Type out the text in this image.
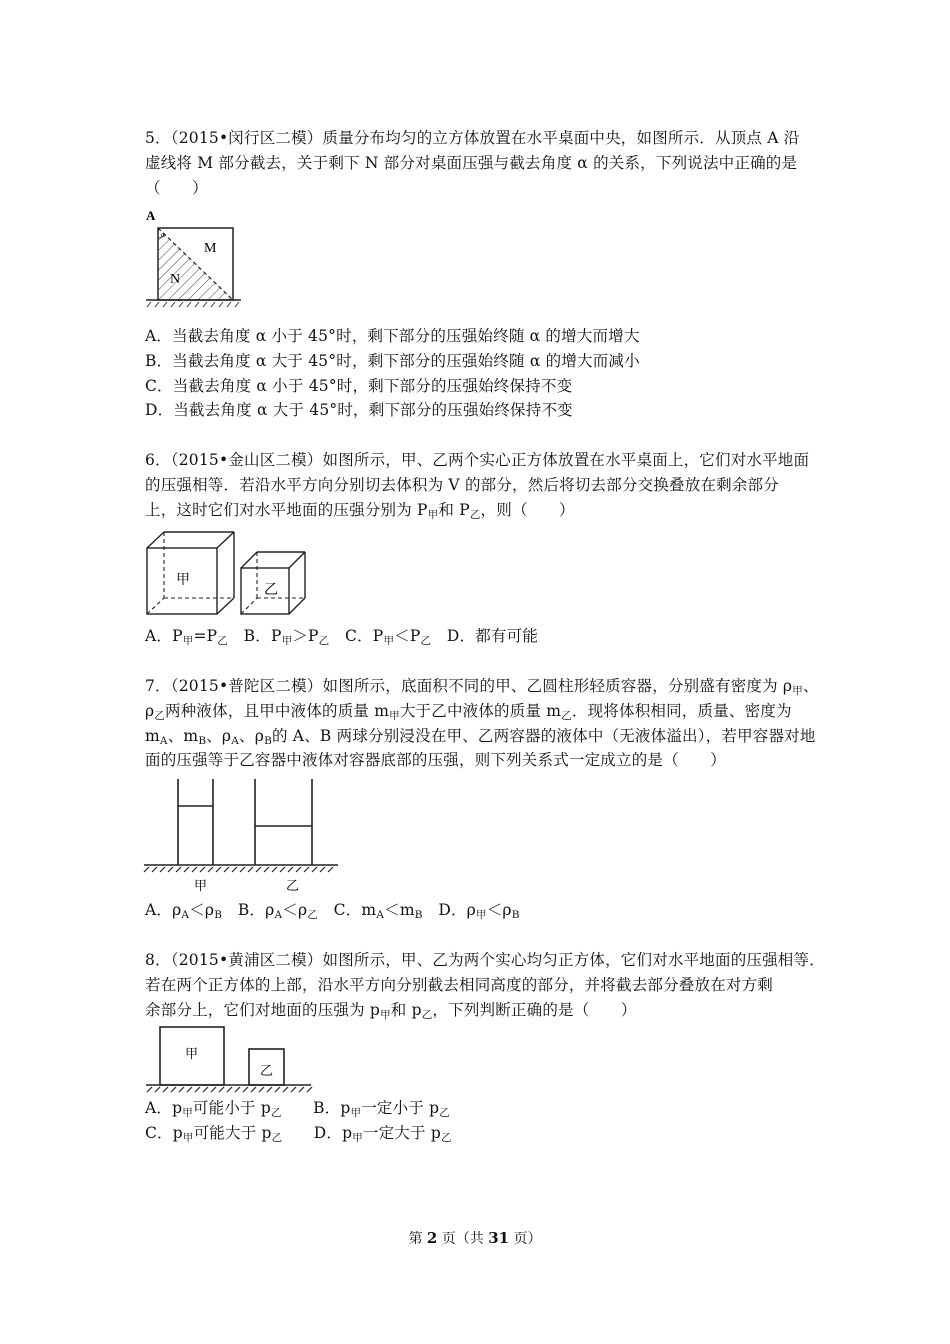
5．（2015•闵行区二模）质量分布均匀的立方体放置在水平桌面中央，如图所示．从顶点 A 沿
虚线将 M 部分截去，关于剩下 N 部分对桌面压强与截去角度 α 的关系，下列说法中正确的是
（　　）
A
α
M
N
A．当截去角度 α 小于 45°时，剩下部分的压强始终随 α 的增大而增大
B．当截去角度 α 大于 45°时，剩下部分的压强始终随 α 的增大而减小
C．当截去角度 α 小于 45°时，剩下部分的压强始终保持不变
D．当截去角度 α 大于 45°时，剩下部分的压强始终保持不变
6．（2015•金山区二模）如图所示，甲、乙两个实心正方体放置在水平桌面上，它们对水平地面
的压强相等．若沿水平方向分别切去体积为 V 的部分，然后将切去部分交换叠放在剩余部分
上，这时它们对水平地面的压强分别为 $P_甲$和 $P_乙$，则（　　）
甲
乙
A．$P_甲=P_乙$　B．$P_甲>P_乙$　C．$P_甲<P_乙$　D．都有可能
7．（2015•普陀区二模）如图所示，底面积不同的甲、乙圆柱形轻质容器，分别盛有密度为 $\rho_甲$、
$\rho_乙$两种液体，且甲中液体的质量 $m_甲$大于乙中液体的质量 $m_乙$．现将体积相同，质量、密度为
$m_A$、$m_B$、$\rho_A$、$\rho_B$的 A、B 两球分别浸没在甲、乙两容器的液体中（无液体溢出），若甲容器对地
面的压强等于乙容器中液体对容器底部的压强，则下列关系式一定成立的是（　　）
甲	乙
A．$\rho_A<\rho_B$　B．$\rho_A<\rho_乙$　C．$m_A<m_B$　D．$\rho_甲<\rho_B$
8．（2015•黄浦区二模）如图所示，甲、乙为两个实心均匀正方体，它们对水平地面的压强相等．
若在两个正方体的上部，沿水平方向分别截去相同高度的部分，并将截去部分叠放在对方剩
余部分上，它们对地面的压强为 $p_甲$和 $p_乙$，下列判断正确的是（　　）
甲
乙
A．$p_甲$可能小于 $p_乙$　　B．$p_甲$一定小于 $p_乙$
C．$p_甲$可能大于 $p_乙$　　D．$p_甲$一定大于 $p_乙$
第 2 页（共 31 页）
